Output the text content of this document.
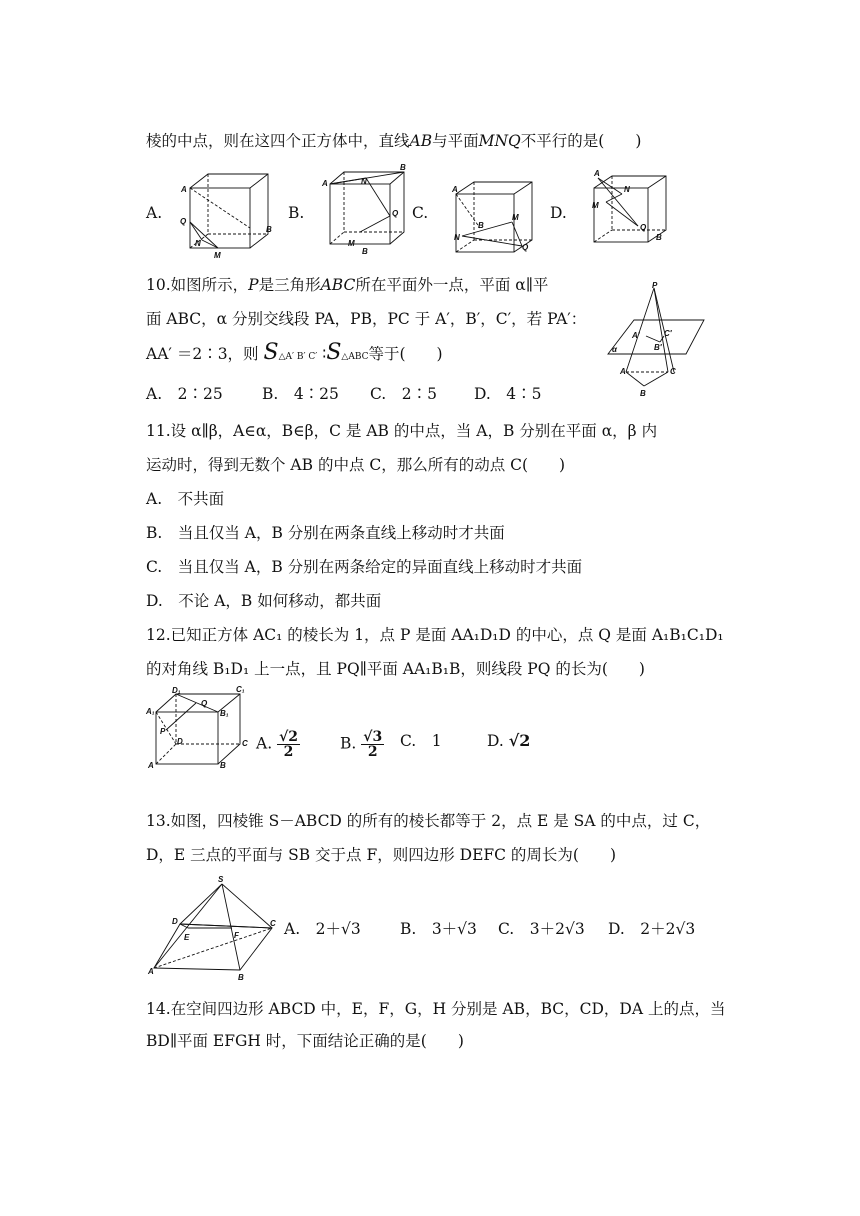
棱的中点，则在这四个正方体中，直线AB与平面MNQ不平行的是(　　)
A.
A
Q
N
M
B
B.
A	N
B
Q
M
B
C.
A
B
N
M
Q
D.
A
M
N
Q
B
10.如图所示，P是三角形ABC所在平面外一点，平面 α∥平
面 ABC，α 分别交线段 PA，PB，PC 于 A′，B′，C′，若 PA′：
AA′ ＝2∶3，则 S△A′ B′ C′ ∶S△ABC等于(　　)
A.　2∶25	B.　4∶25 C.　2∶5 D.　4∶5
P
A′	C′
B′
α
A	C
B
11.设 α∥β，A∈α，B∈β，C 是 AB 的中点，当 A，B 分别在平面 α，β 内
运动时，得到无数个 AB 的中点 C，那么所有的动点 C(　　)
A.　不共面
B.　当且仅当 A，B 分别在两条直线上移动时才共面
C.　当且仅当 A，B 分别在两条给定的异面直线上移动时才共面
D.　不论 A，B 如何移动，都共面
12.已知正方体 AC₁ 的棱长为 1，点 P 是面 AA₁D₁D 的中心，点 Q 是面 A₁B₁C₁D₁
的对角线 B₁D₁ 上一点，且 PQ∥平面 AA₁B₁B，则线段 PQ 的长为(　　)
D₁	C₁
Q
A₁	B₁
P
D	C
A	B
A. $\frac{√2}{2}$	B. $\frac{√3}{2} C$.　1	D. √2
13.如图，四棱锥 S－ABCD 的所有的棱长都等于 2，点 E 是 SA 的中点，过 C，
D，E 三点的平面与 SB 交于点 F，则四边形 DEFC 的周长为(　　)
S
D
E	F
C
A
B
A.　2＋√3	B.　3＋√3 C.　3＋2√3 D.　2＋2√3
14.在空间四边形 ABCD 中，E，F，G，H 分别是 AB，BC，CD，DA 上的点，当
BD∥平面 EFGH 时，下面结论正确的是(　　)
